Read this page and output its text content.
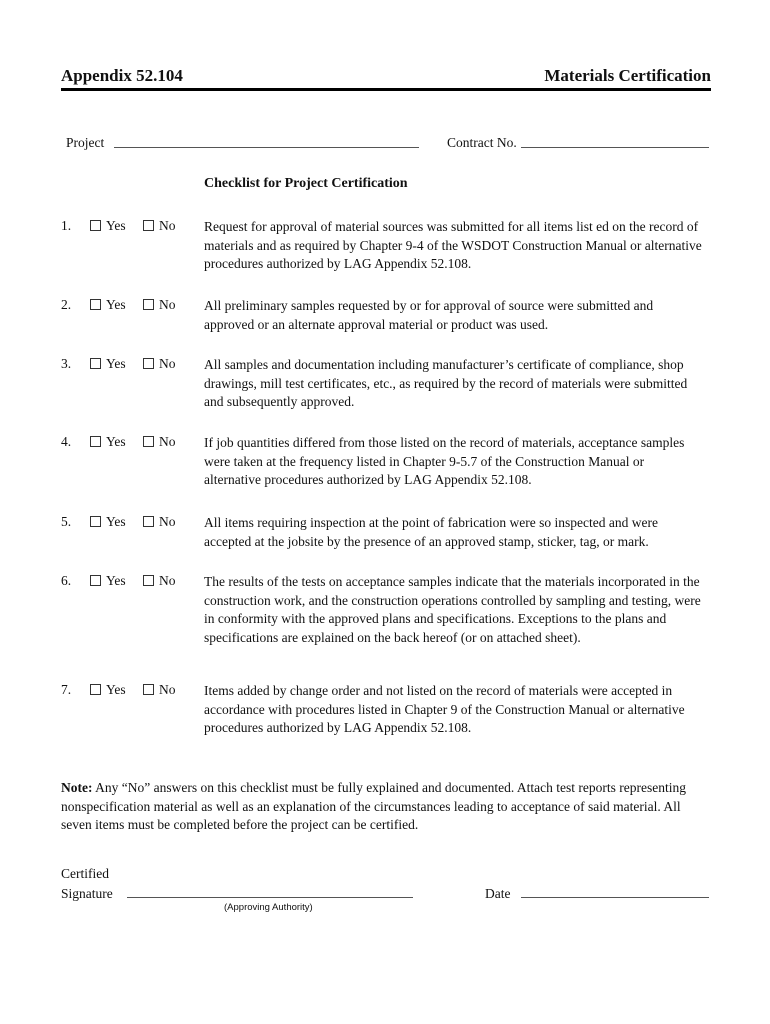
Appendix 52.104	Materials Certification
Project	Contract No.
Checklist for Project Certification
1.	Yes	No Request for approval of material sources was submitted for all items list ed on the record of materials and as required by Chapter 9-4 of the WSDOT Construction Manual or alternative procedures authorized by LAG Appendix 52.108.
2.	Yes	No All preliminary samples requested by or for approval of source were submitted and approved or an alternate approval material or product was used.
3.	Yes	No All samples and documentation including manufacturer’s certificate of compliance, shop drawings, mill test certificates, etc., as required by the record of materials were submitted and subsequently approved.
4.	Yes	No If job quantities differed from those listed on the record of materials, acceptance samples were taken at the frequency listed in Chapter 9-5.7 of the Construction Manual or alternative procedures authorized by LAG Appendix 52.108.
5.	Yes	No All items requiring inspection at the point of fabrication were so inspected and were accepted at the jobsite by the presence of an approved stamp, sticker, tag, or mark.
6.	Yes	No The results of the tests on acceptance samples indicate that the materials incorporated in the construction work, and the construction operations controlled by sampling and testing, were in conformity with the approved plans and specifications. Exceptions to the plans and specifications are explained on the back hereof (or on attached sheet).
7.	Yes	No Items added by change order and not listed on the record of materials were accepted in accordance with procedures listed in Chapter 9 of the Construction Manual or alternative procedures authorized by LAG Appendix 52.108.
Note: Any “No” answers on this checklist must be fully explained and documented. Attach test reports representing nonspecification material as well as an explanation of the circumstances leading to acceptance of said material. All seven items must be completed before the project can be certified.
Certified
Signature
(Approving Authority)
Date
